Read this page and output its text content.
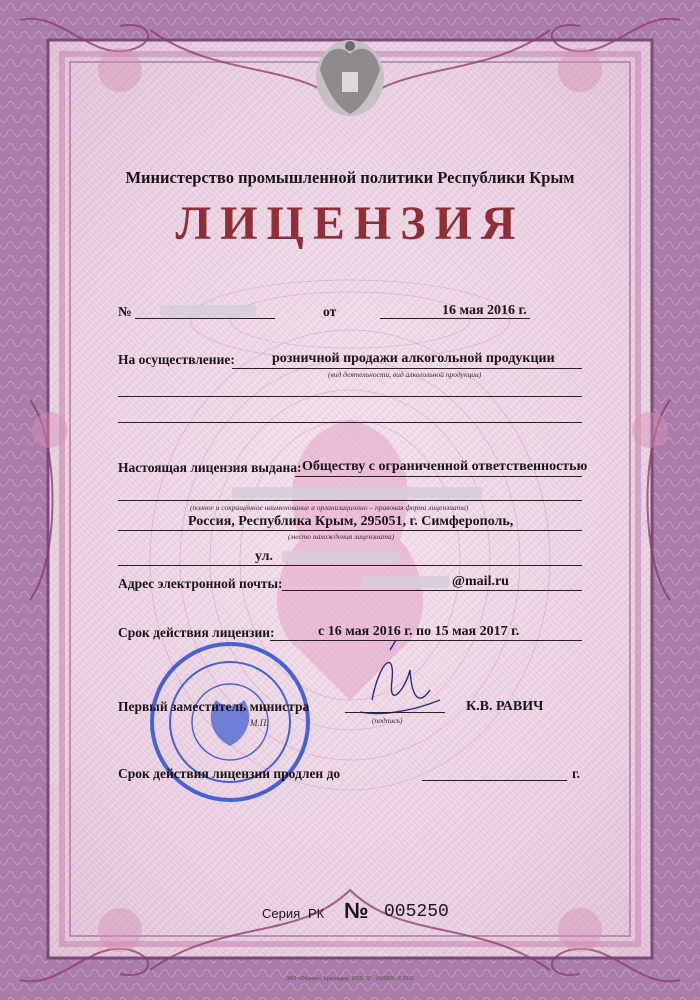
Министерство промышленной политики Республики Крым
ЛИЦЕНЗИЯ
№	от	16 мая 2016 г.
На осуществление:	розничной продажи алкогольной продукции
(вид деятельности, вид алкогольной продукции)
Настоящая лицензия выдана: Обществу с ограниченной ответственностью
(полное и сокращённое наименование и организационно – правовая форма лицензиата)
Россия, Республика Крым, 295051, г. Симферополь,
(место нахождения лицензиата)
ул.
Адрес электронной почты:	@mail.ru
Срок действия лицензии:	с 16 мая 2016 г. по 15 мая 2017 г.
Первый заместитель министра
М.П.	(подпись)
К.В. РАВИЧ
Срок действия лицензии продлен до	г.
Серия РК № 005250
ЗАО «Опцион», Краснодар, 2016, "Б", т.500000, © 2016
